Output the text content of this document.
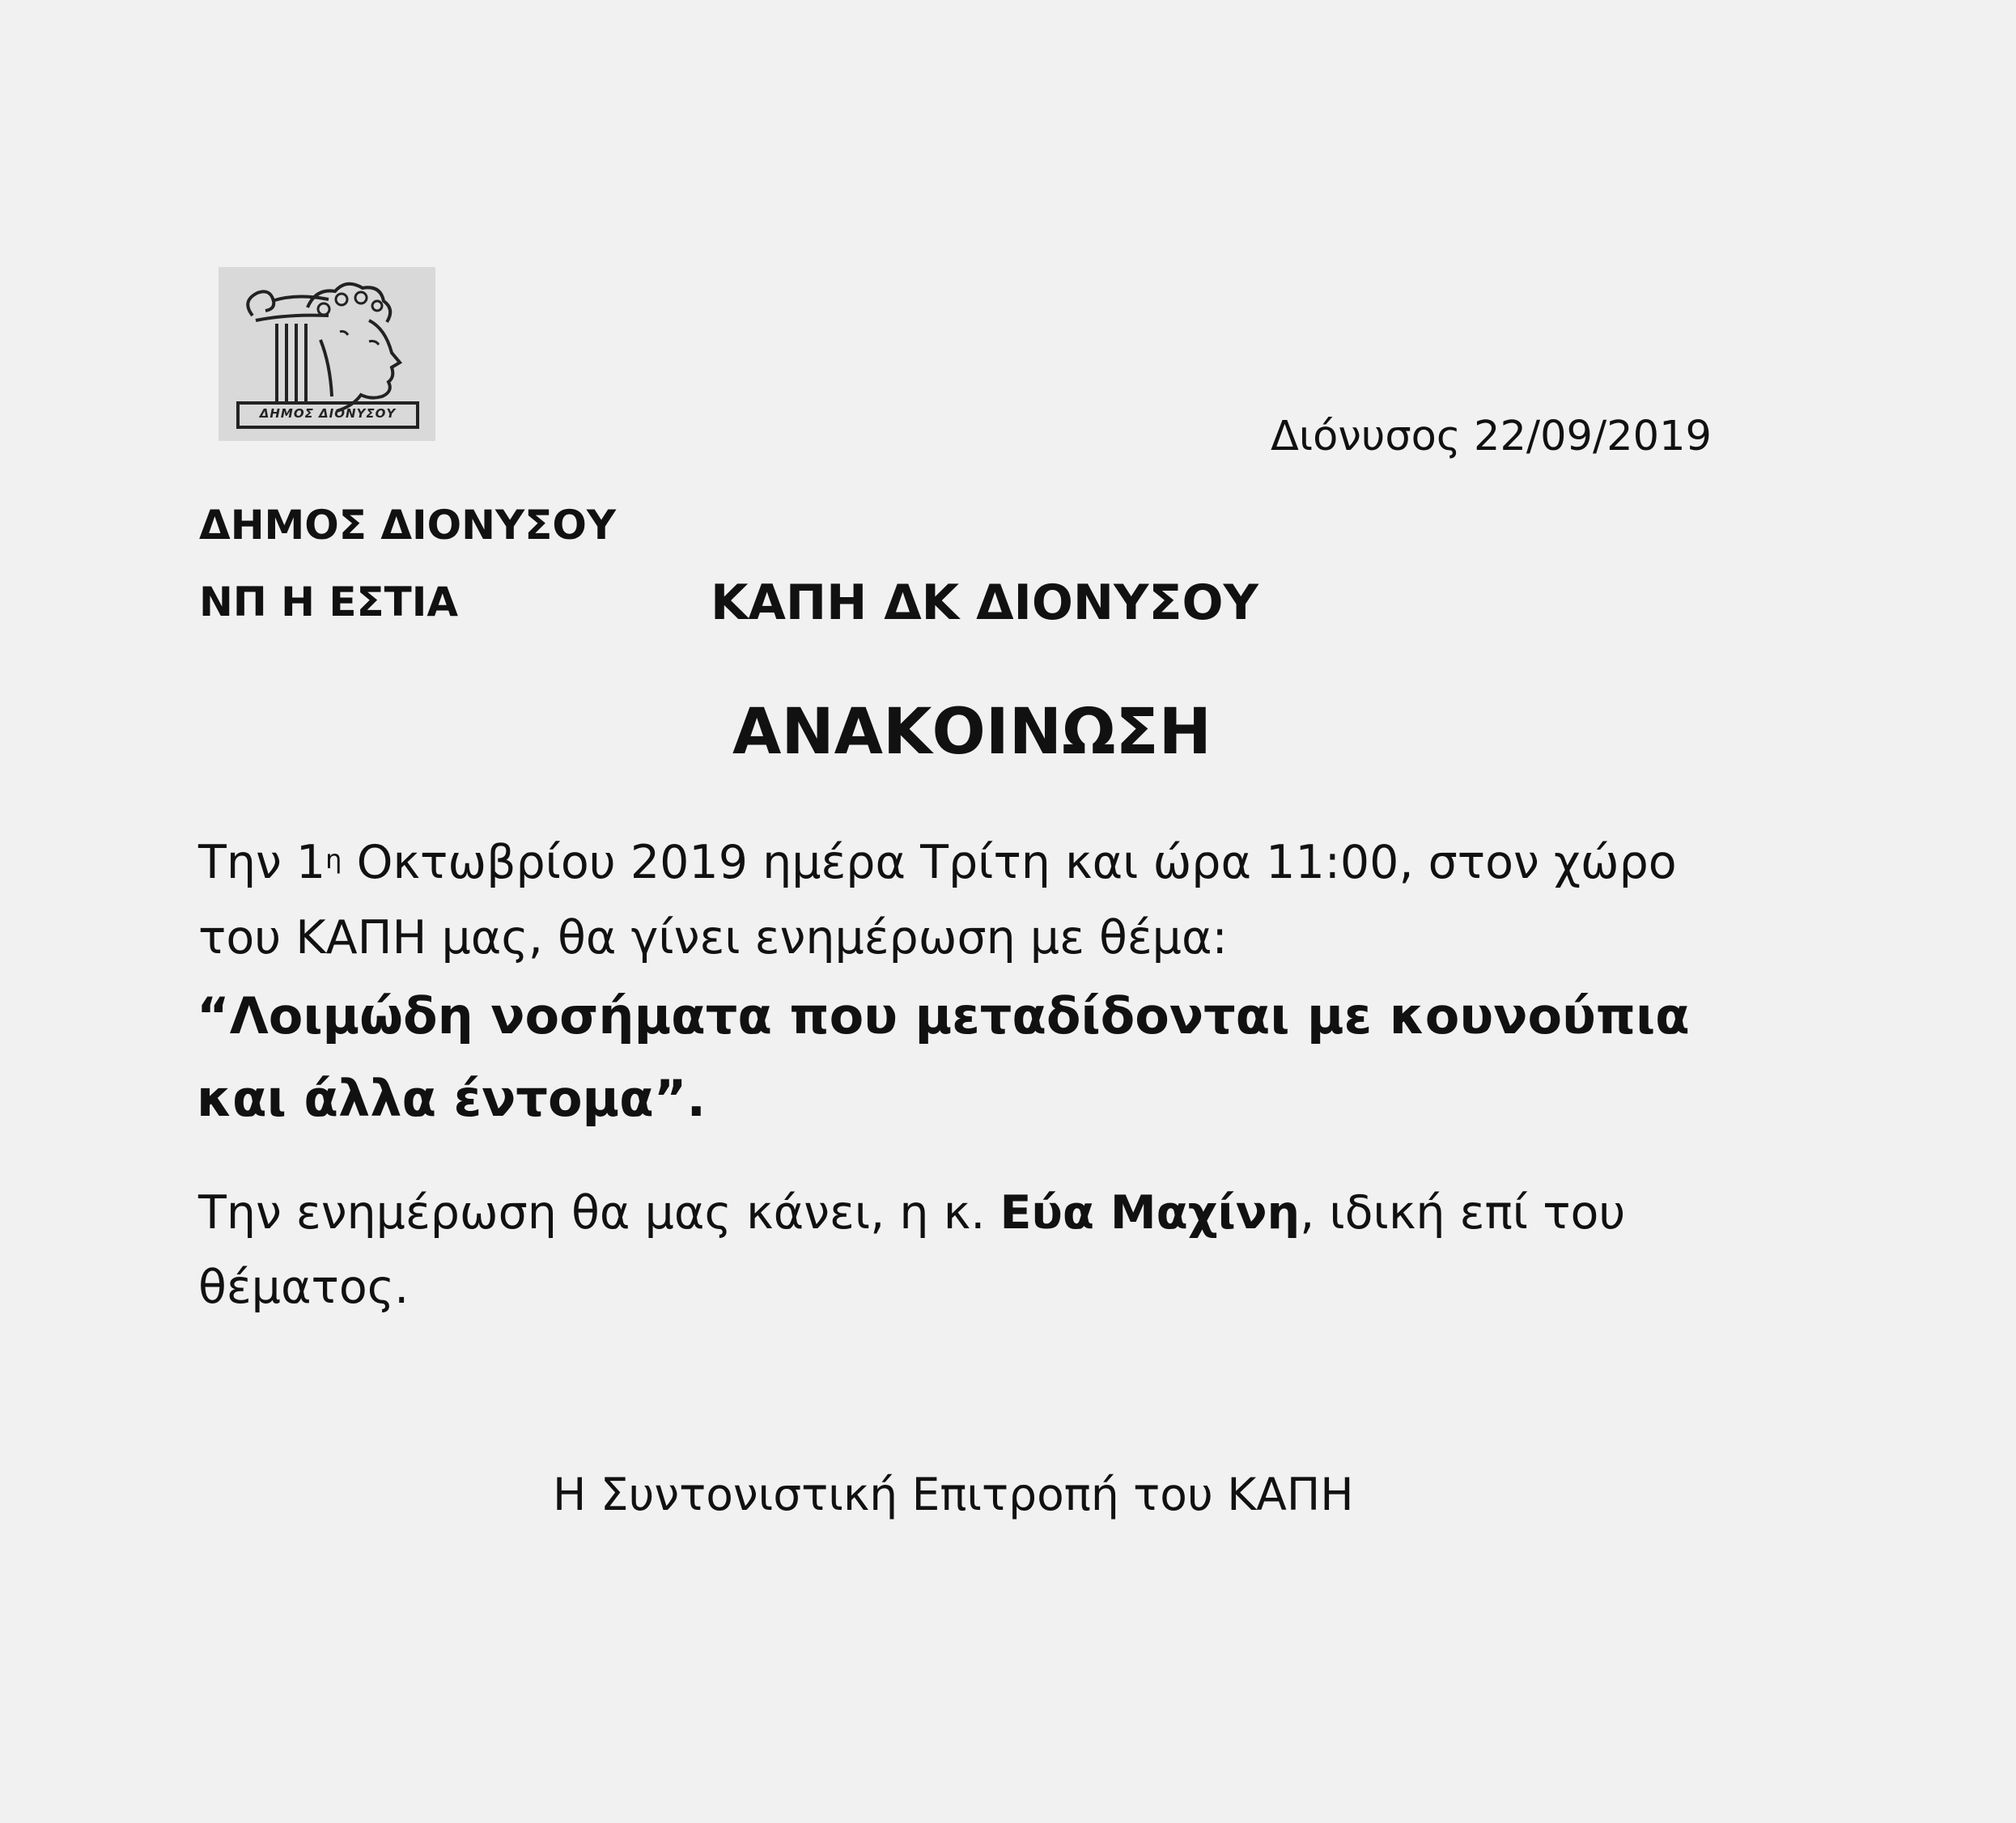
ΔΗΜΟΣ ΔΙΟΝΥΣΟΥ	Διόνυσος 22/09/2019
ΔΗΜΟΣ ΔΙΟΝΥΣΟΥ
ΝΠ Η ΕΣΤΙΑ	ΚΑΠΗ ΔΚ ΔΙΟΝΥΣΟΥ
ΑΝΑΚΟΙΝΩΣΗ
Την $1^\eta$ Οκτωβρίου 2019 ημέρα Τρίτη και ώρα 11:00, στον χώρο
του ΚΑΠΗ μας, θα γίνει ενημέρωση με θέμα:
“Λοιμώδη νοσήματα που μεταδίδονται με κουνούπια
και άλλα έντομα”.
Την ενημέρωση θα μας κάνει, η κ. Εύα Μαχίνη, ιδική επί του
θέματος.
Η Συντονιστική Επιτροπή του ΚΑΠΗ
